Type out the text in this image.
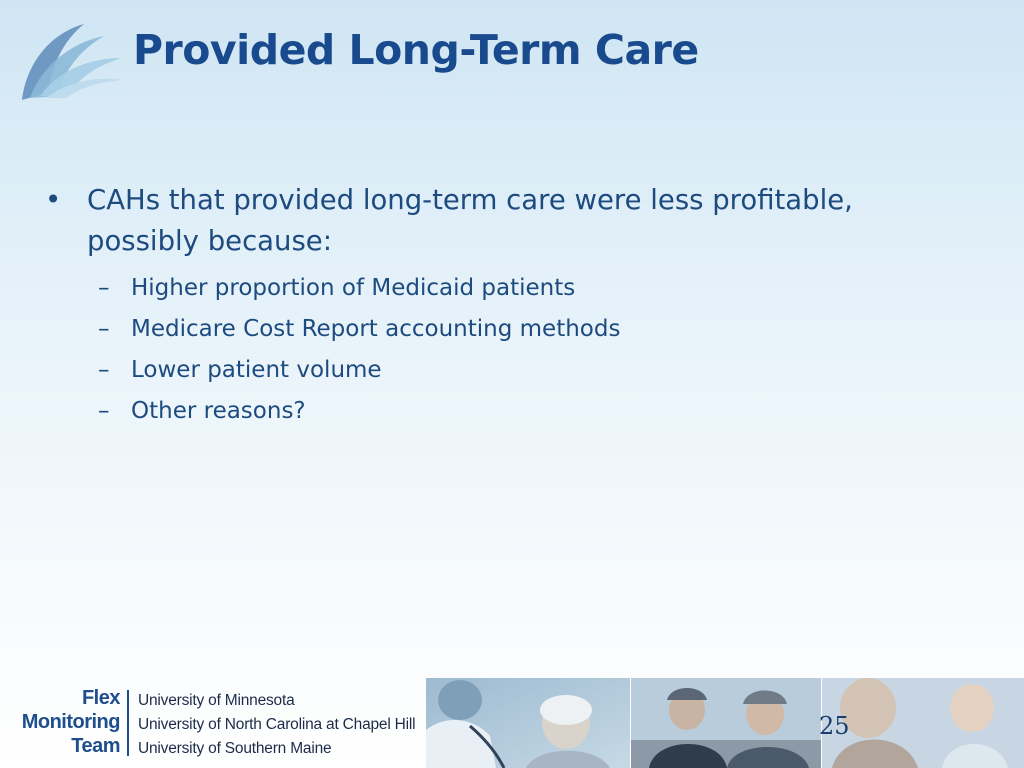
Provided Long-Term Care
• CAHs that provided long-term care were less profitable, possibly because:
– Higher proportion of Medicaid patients
– Medicare Cost Report accounting methods
– Lower patient volume
– Other reasons?
Flex
Monitoring
Team
University of Minnesota
University of North Carolina at Chapel Hill
University of Southern Maine
25
